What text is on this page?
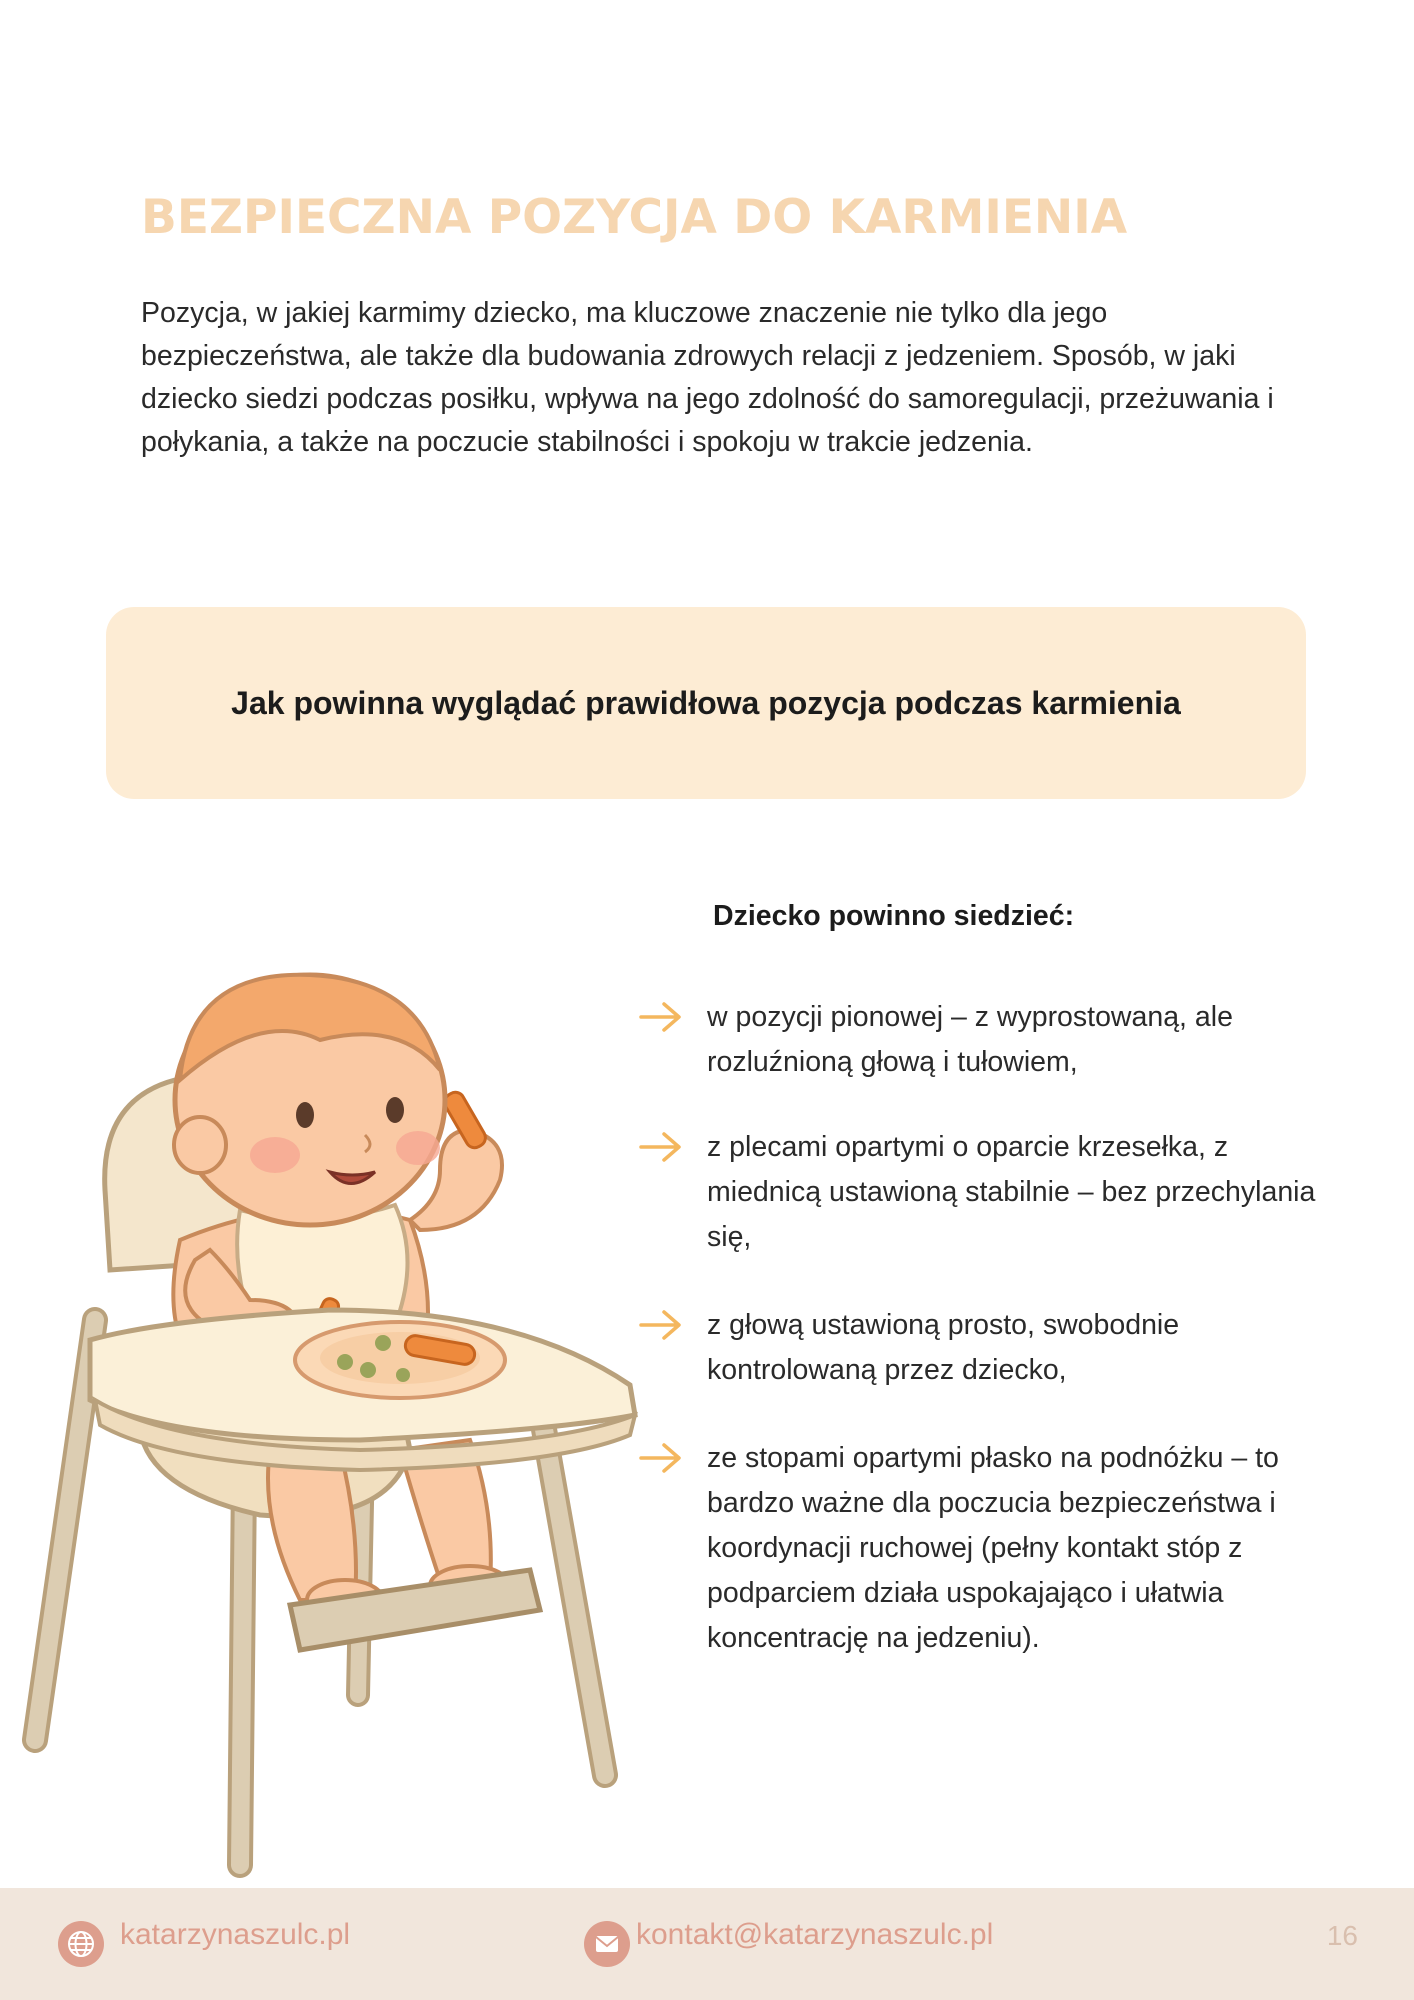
BEZPIECZNA POZYCJA DO KARMIENIA

Pozycja, w jakiej karmimy dziecko, ma kluczowe znaczenie nie tylko dla jego bezpieczeństwa, ale także dla budowania zdrowych relacji z jedzeniem. Sposób, w jaki dziecko siedzi podczas posiłku, wpływa na jego zdolność do samoregulacji, przeżuwania i połykania, a także na poczucie stabilności i spokoju w trakcie jedzenia.

Jak powinna wyglądać prawidłowa pozycja podczas karmienia
Dziecko powinno siedzieć:
w pozycji pionowej – z wyprostowaną, ale rozluźnioną głową i tułowiem,
z plecami opartymi o oparcie krzesełka, z miednicą ustawioną stabilnie – bez przechylania się,
z głową ustawioną prosto, swobodnie kontrolowaną przez dziecko,
ze stopami opartymi płasko na podnóżku – to bardzo ważne dla poczucia bezpieczeństwa i koordynacji ruchowej (pełny kontakt stóp z podparciem działa uspokajająco i ułatwia koncentrację na jedzeniu).
katarzynaszulc.pl	kontakt@katarzynaszulc.pl	16
